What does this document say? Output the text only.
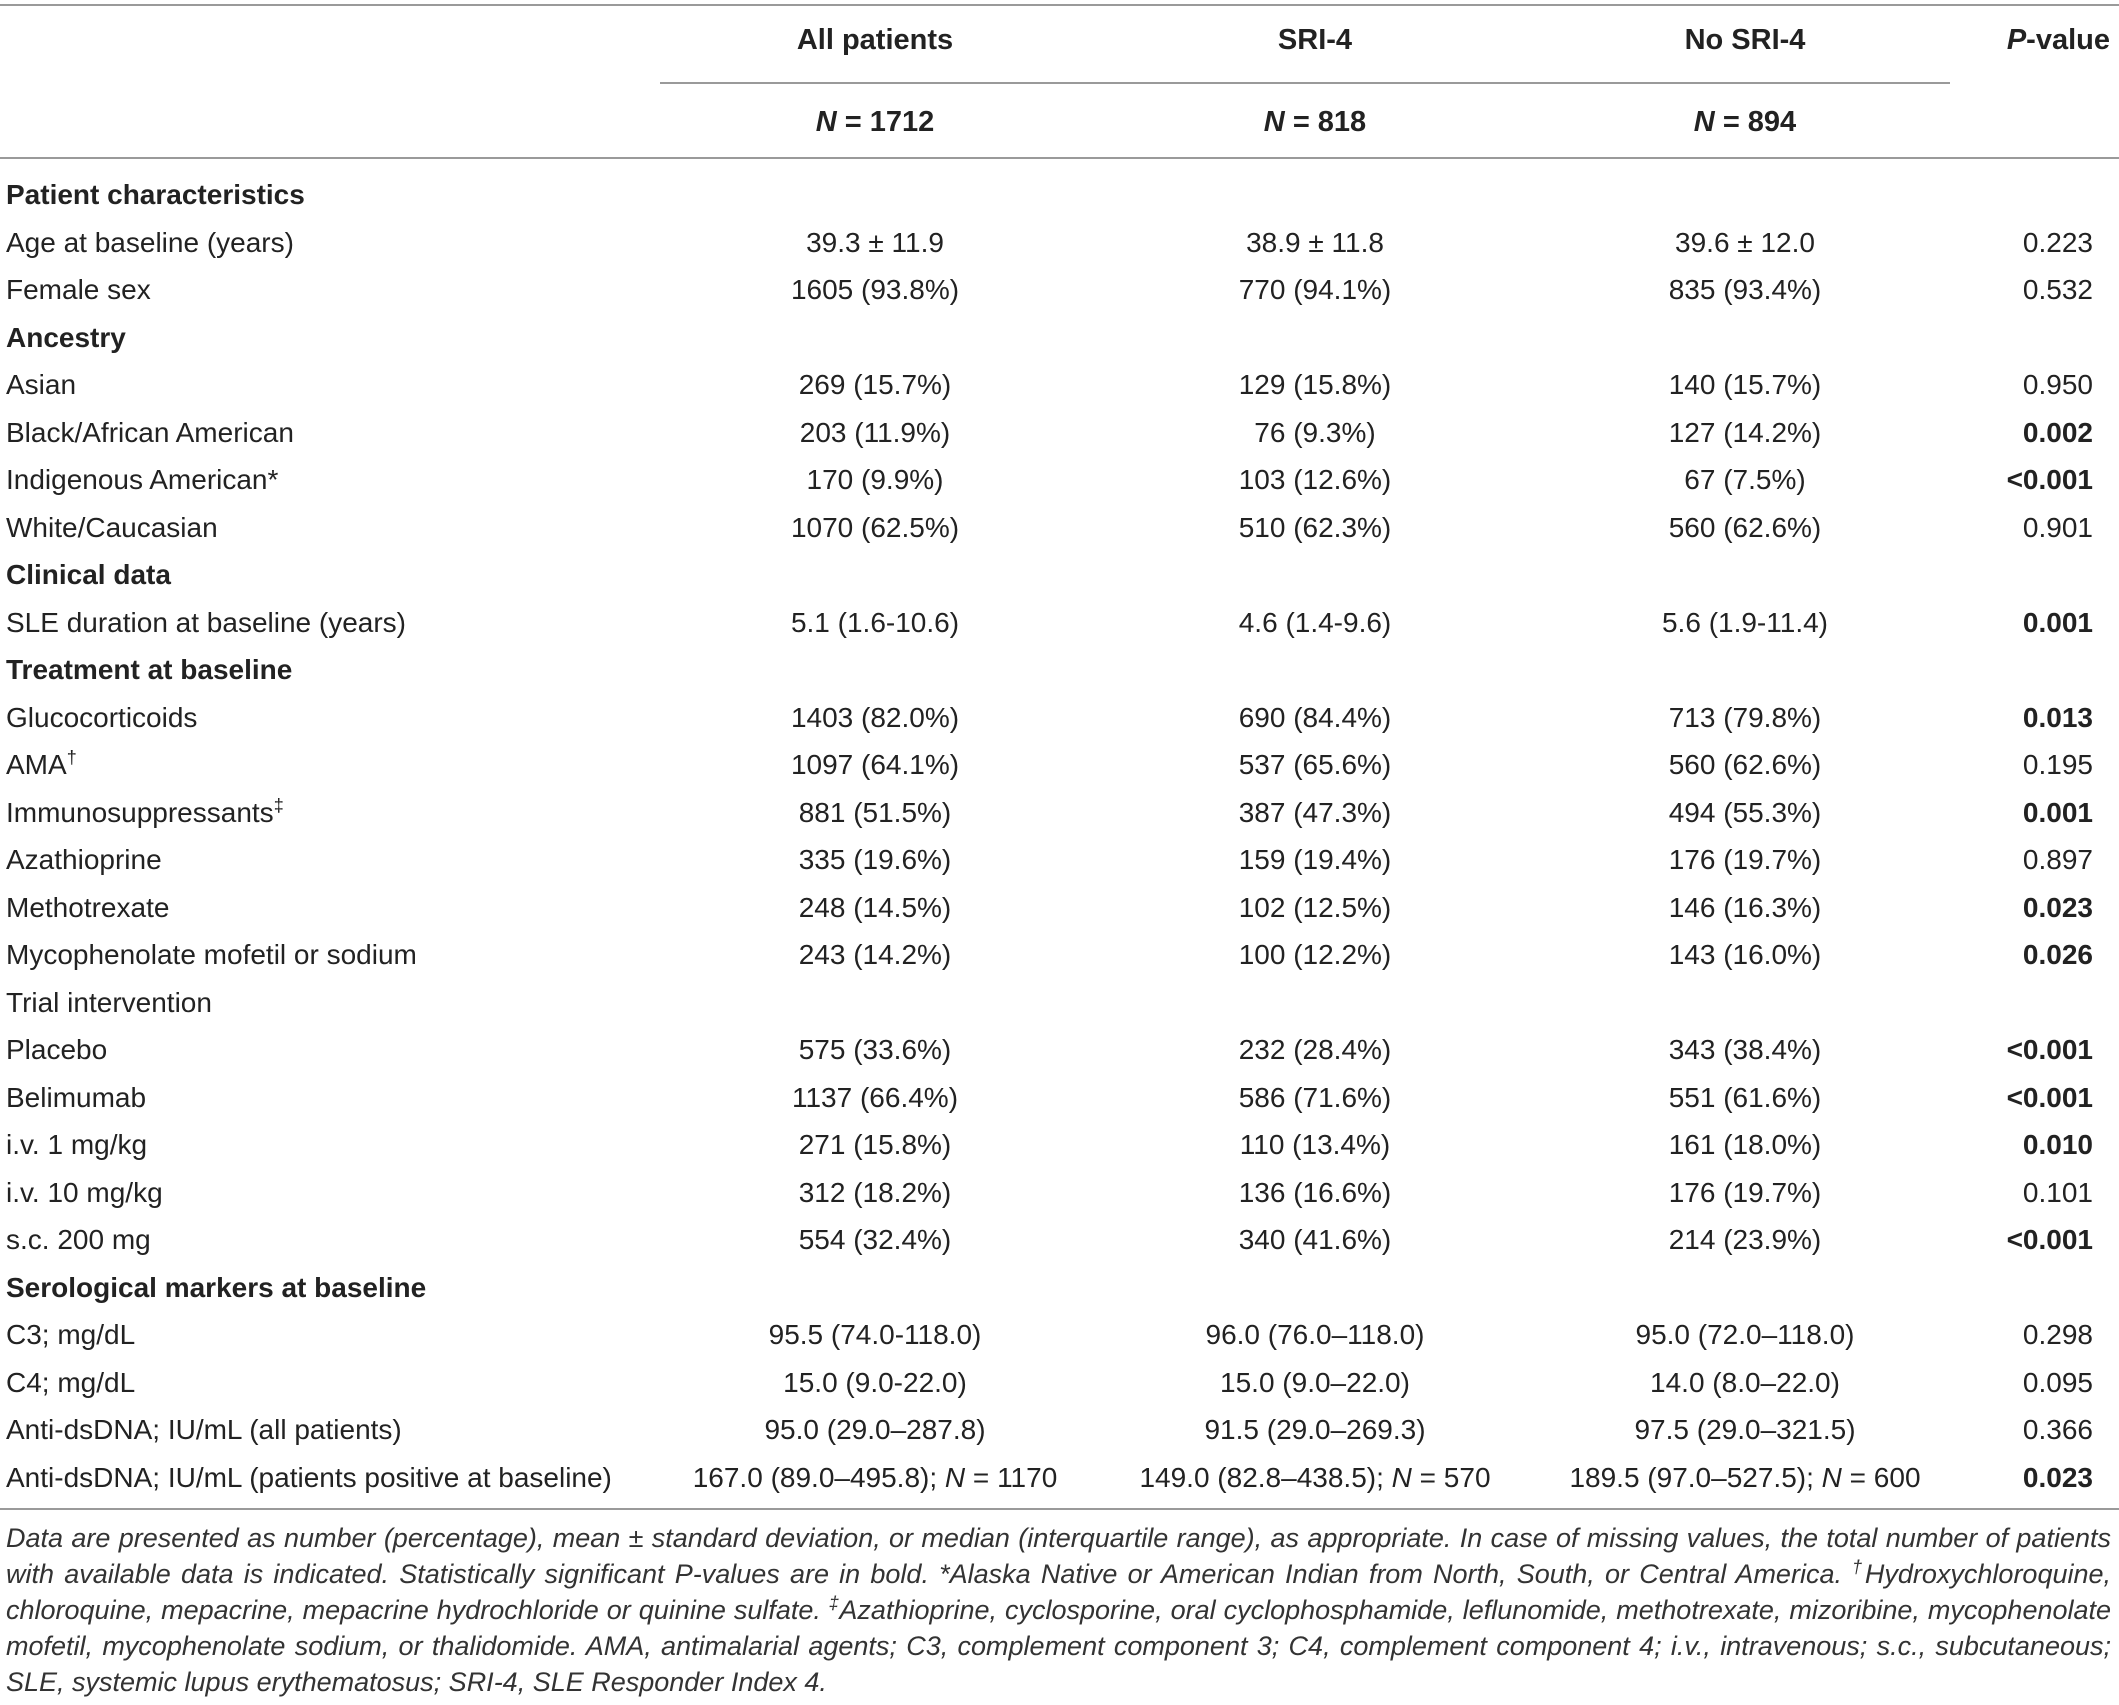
All patients	SRI-4	No SRI-4	P-value
N = 1712	N = 818	N = 894
Patient characteristics
Age at baseline (years)	39.3 ± 11.9	38.9 ± 11.8	39.6 ± 12.0	0.223
Female sex	1605 (93.8%)	770 (94.1%)	835 (93.4%)	0.532
Ancestry
Asian	269 (15.7%)	129 (15.8%)	140 (15.7%)	0.950
Black/African American	203 (11.9%)	76 (9.3%)	127 (14.2%)	0.002
Indigenous American*	170 (9.9%)	103 (12.6%)	67 (7.5%)	<0.001
White/Caucasian	1070 (62.5%)	510 (62.3%)	560 (62.6%)	0.901
Clinical data
SLE duration at baseline (years)	5.1 (1.6-10.6)	4.6 (1.4-9.6)	5.6 (1.9-11.4)	0.001
Treatment at baseline
Glucocorticoids	1403 (82.0%)	690 (84.4%)	713 (79.8%)	0.013
AMA†	1097 (64.1%)	537 (65.6%)	560 (62.6%)	0.195
Immunosuppressants‡	881 (51.5%)	387 (47.3%)	494 (55.3%)	0.001
Azathioprine	335 (19.6%)	159 (19.4%)	176 (19.7%)	0.897
Methotrexate	248 (14.5%)	102 (12.5%)	146 (16.3%)	0.023
Mycophenolate mofetil or sodium	243 (14.2%)	100 (12.2%)	143 (16.0%)	0.026
Trial intervention
Placebo	575 (33.6%)	232 (28.4%)	343 (38.4%)	<0.001
Belimumab	1137 (66.4%)	586 (71.6%)	551 (61.6%)	<0.001
i.v. 1 mg/kg	271 (15.8%)	110 (13.4%)	161 (18.0%)	0.010
i.v. 10 mg/kg	312 (18.2%)	136 (16.6%)	176 (19.7%)	0.101
s.c. 200 mg	554 (32.4%)	340 (41.6%)	214 (23.9%)	<0.001
Serological markers at baseline
C3; mg/dL	95.5 (74.0-118.0)	96.0 (76.0–118.0)	95.0 (72.0–118.0)	0.298
C4; mg/dL	15.0 (9.0-22.0)	15.0 (9.0–22.0)	14.0 (8.0–22.0)	0.095
Anti-dsDNA; IU/mL (all patients)	95.0 (29.0–287.8)	91.5 (29.0–269.3)	97.5 (29.0–321.5)	0.366
Anti-dsDNA; IU/mL (patients positive at baseline)	167.0 (89.0–495.8); N = 1170	149.0 (82.8–438.5); N = 570	189.5 (97.0–527.5); N = 600	0.023
Data are presented as number (percentage), mean ± standard deviation, or median (interquartile range), as appropriate. In case of missing values, the total number of patients with available data is indicated. Statistically significant P-values are in bold. *Alaska Native or American Indian from North, South, or Central America. †Hydroxychloroquine, chloroquine, mepacrine, mepacrine hydrochloride or quinine sulfate. ‡Azathioprine, cyclosporine, oral cyclophosphamide, leflunomide, methotrexate, mizoribine, mycophenolate mofetil, mycophenolate sodium, or thalidomide. AMA, antimalarial agents; C3, complement component 3; C4, complement component 4; i.v., intravenous; s.c., subcutaneous; SLE, systemic lupus erythematosus; SRI-4, SLE Responder Index 4.
